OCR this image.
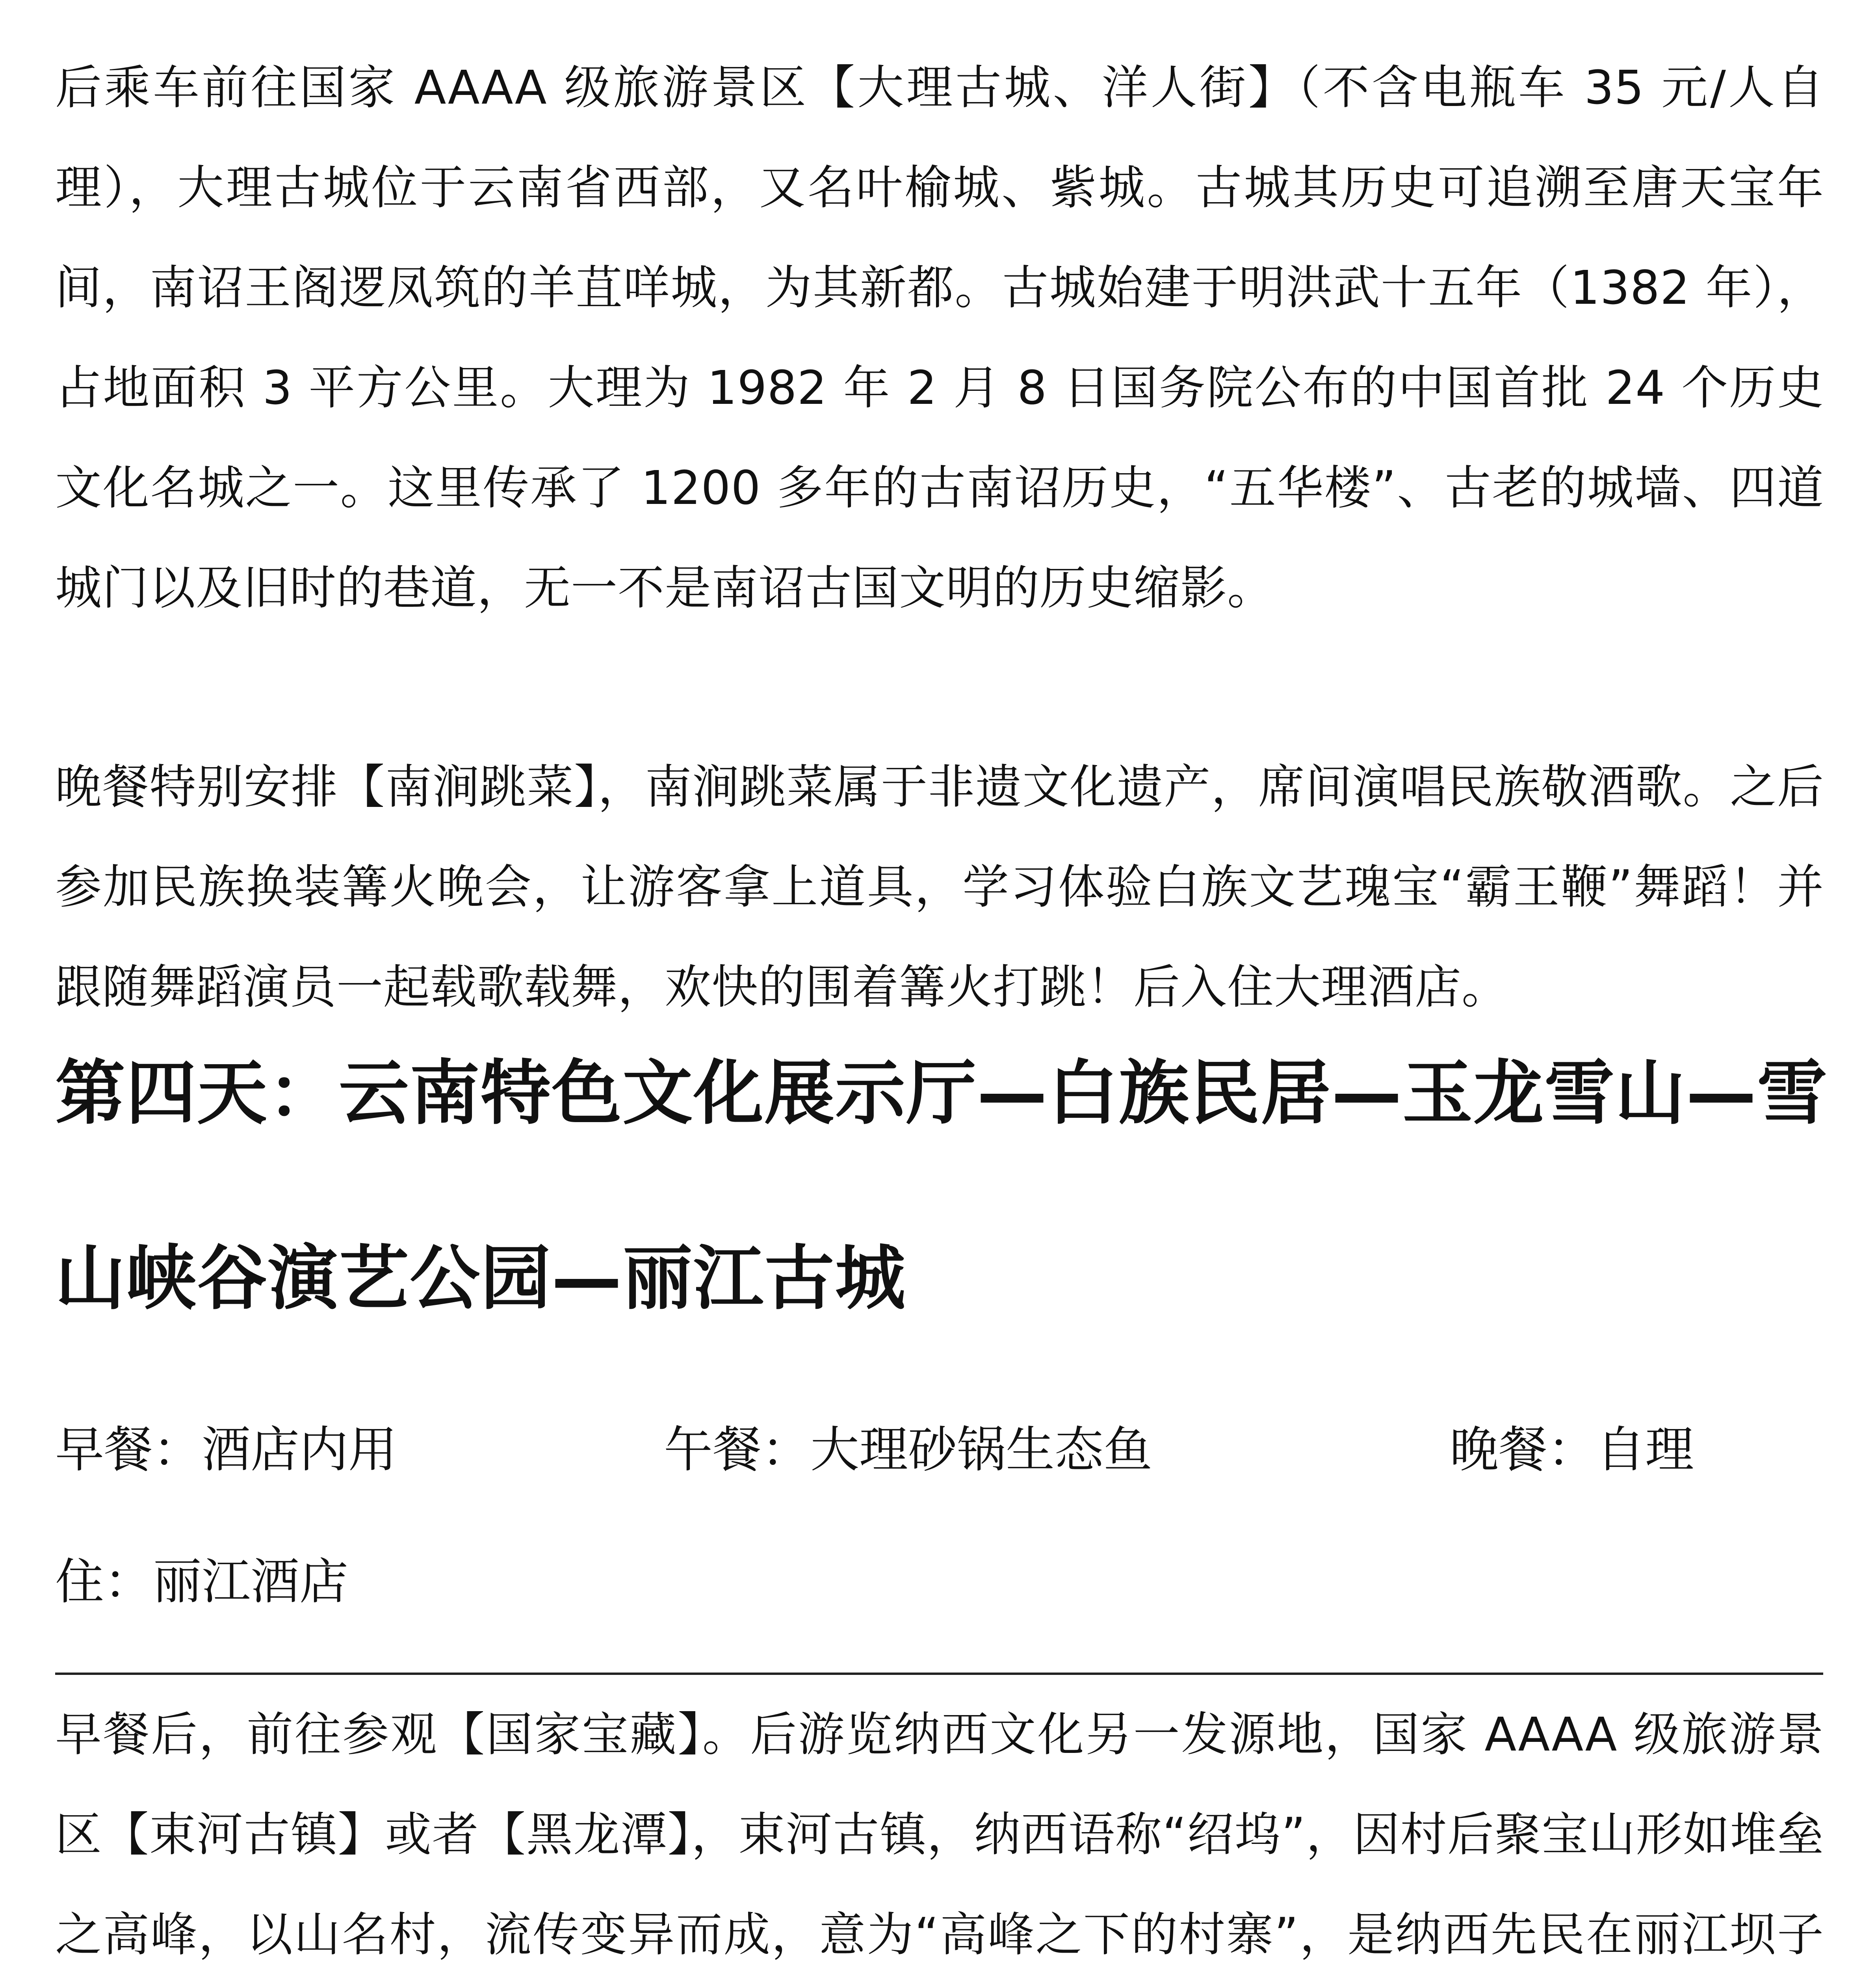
后乘车前往国家 AAAA 级旅游景区【大理古城、洋人街】（不含电瓶车 35 元/人自理），大理古城位于云南省西部，又名叶榆城、紫城。古城其历史可追溯至唐天宝年间，南诏王阁逻凤筑的羊苴咩城，为其新都。古城始建于明洪武十五年（1382 年），占地面积 3 平方公里。大理为 1982 年 2 月 8 日国务院公布的中国首批 24 个历史文化名城之一。这里传承了 1200 多年的古南诏历史，“五华楼”、古老的城墙、四道城门以及旧时的巷道，无一不是南诏古国文明的历史缩影。

晚餐特别安排【南涧跳菜】，南涧跳菜属于非遗文化遗产，席间演唱民族敬酒歌。之后参加民族换装篝火晚会，让游客拿上道具，学习体验白族文艺瑰宝“霸王鞭”舞蹈！并跟随舞蹈演员一起载歌载舞，欢快的围着篝火打跳！后入住大理酒店。

第四天：云南特色文化展示厅—白族民居—玉龙雪山—雪山峡谷演艺公园—丽江古城
早餐：酒店内用	午餐：大理砂锅生态鱼	晚餐：自理
住：丽江酒店

早餐后，前往参观【国家宝藏】。后游览纳西文化另一发源地，国家 AAAA 级旅游景区【束河古镇】或者【黑龙潭】，束河古镇，纳西语称“绍坞”，因村后聚宝山形如堆垒之高峰，以山名村，流传变异而成，意为“高峰之下的村寨”，是纳西先民在丽江坝子 　
